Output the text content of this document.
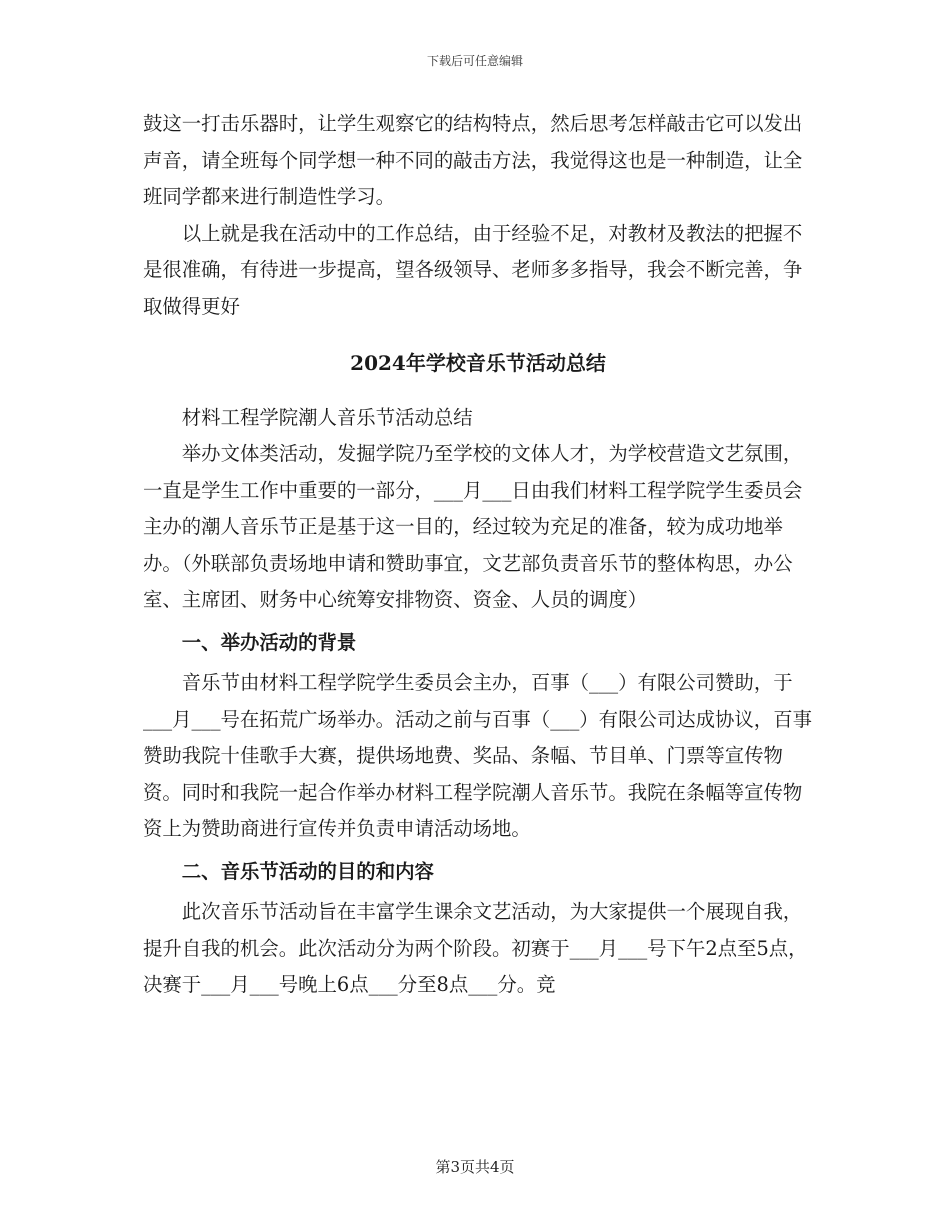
下载后可任意编辑

鼓这一打击乐器时，让学生观察它的结构特点，然后思考怎样敲击它可以发出声音，请全班每个同学想一种不同的敲击方法，我觉得这也是一种制造，让全班同学都来进行制造性学习。

以上就是我在活动中的工作总结，由于经验不足，对教材及教法的把握不是很准确，有待进一步提高，望各级领导、老师多多指导，我会不断完善，争取做得更好

2024年学校音乐节活动总结

材料工程学院潮人音乐节活动总结

举办文体类活动，发掘学院乃至学校的文体人才，为学校营造文艺氛围，一直是学生工作中重要的一部分，___月___日由我们材料工程学院学生委员会主办的潮人音乐节正是基于这一目的，经过较为充足的准备，较为成功地举办。（外联部负责场地申请和赞助事宜，文艺部负责音乐节的整体构思，办公室、主席团、财务中心统筹安排物资、资金、人员的调度）

一、举办活动的背景

音乐节由材料工程学院学生委员会主办，百事（___）有限公司赞助，于___月___号在拓荒广场举办。活动之前与百事（___）有限公司达成协议，百事赞助我院十佳歌手大赛，提供场地费、奖品、条幅、节目单、门票等宣传物资。同时和我院一起合作举办材料工程学院潮人音乐节。我院在条幅等宣传物资上为赞助商进行宣传并负责申请活动场地。

二、音乐节活动的目的和内容

此次音乐节活动旨在丰富学生课余文艺活动，为大家提供一个展现自我，提升自我的机会。此次活动分为两个阶段。初赛于___月___号下午2点至5点，决赛于___月___号晚上6点___分至8点___分。竞

第3页共4页
